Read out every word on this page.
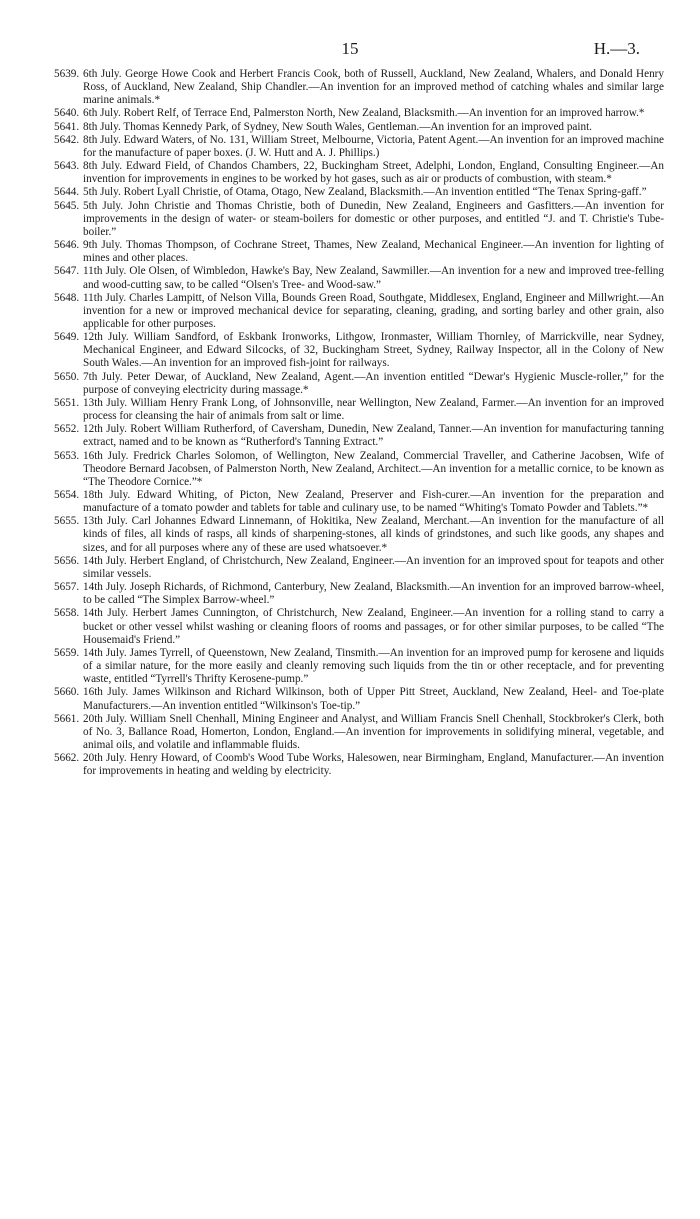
15	H.—3.
5639. 6th July. George Howe Cook and Herbert Francis Cook, both of Russell, Auckland, New Zealand, Whalers, and Donald Henry Ross, of Auckland, New Zealand, Ship Chandler.—An invention for an improved method of catching whales and similar large marine animals.*
5640. 6th July. Robert Relf, of Terrace End, Palmerston North, New Zealand, Blacksmith.—An invention for an improved harrow.*
5641. 8th July. Thomas Kennedy Park, of Sydney, New South Wales, Gentleman.—An invention for an improved paint.
5642. 8th July. Edward Waters, of No. 131, William Street, Melbourne, Victoria, Patent Agent.—An invention for an improved machine for the manufacture of paper boxes. (J. W. Hutt and A. J. Phillips.)
5643. 8th July. Edward Field, of Chandos Chambers, 22, Buckingham Street, Adelphi, London, England, Consulting Engineer.—An invention for improvements in engines to be worked by hot gases, such as air or products of combustion, with steam.*
5644. 5th July. Robert Lyall Christie, of Otama, Otago, New Zealand, Blacksmith.—An invention entitled “The Tenax Spring-gaff.”
5645. 5th July. John Christie and Thomas Christie, both of Dunedin, New Zealand, Engineers and Gasfitters.—An invention for improvements in the design of water- or steam-boilers for domestic or other purposes, and entitled “J. and T. Christie's Tube-boiler.”
5646. 9th July. Thomas Thompson, of Cochrane Street, Thames, New Zealand, Mechanical Engineer.—An invention for lighting of mines and other places.
5647. 11th July. Ole Olsen, of Wimbledon, Hawke's Bay, New Zealand, Sawmiller.—An invention for a new and improved tree-felling and wood-cutting saw, to be called “Olsen's Tree- and Wood-saw.”
5648. 11th July. Charles Lampitt, of Nelson Villa, Bounds Green Road, Southgate, Middlesex, England, Engineer and Millwright.—An invention for a new or improved mechanical device for separating, cleaning, grading, and sorting barley and other grain, also applicable for other purposes.
5649. 12th July. William Sandford, of Eskbank Ironworks, Lithgow, Ironmaster, William Thornley, of Marrickville, near Sydney, Mechanical Engineer, and Edward Silcocks, of 32, Buckingham Street, Sydney, Railway Inspector, all in the Colony of New South Wales.—An invention for an improved fish-joint for railways.
5650. 7th July. Peter Dewar, of Auckland, New Zealand, Agent.—An invention entitled “Dewar's Hygienic Muscle-roller,” for the purpose of conveying electricity during massage.*
5651. 13th July. William Henry Frank Long, of Johnsonville, near Wellington, New Zealand, Farmer.—An invention for an improved process for cleansing the hair of animals from salt or lime.
5652. 12th July. Robert William Rutherford, of Caversham, Dunedin, New Zealand, Tanner.—An invention for manufacturing tanning extract, named and to be known as “Rutherford's Tanning Extract.”
5653. 16th July. Fredrick Charles Solomon, of Wellington, New Zealand, Commercial Traveller, and Catherine Jacobsen, Wife of Theodore Bernard Jacobsen, of Palmerston North, New Zealand, Architect.—An invention for a metallic cornice, to be known as “The Theodore Cornice.”*
5654. 18th July. Edward Whiting, of Picton, New Zealand, Preserver and Fish-curer.—An invention for the preparation and manufacture of a tomato powder and tablets for table and culinary use, to be named “Whiting's Tomato Powder and Tablets.”*
5655. 13th July. Carl Johannes Edward Linnemann, of Hokitika, New Zealand, Merchant.—An invention for the manufacture of all kinds of files, all kinds of rasps, all kinds of sharpening-stones, all kinds of grindstones, and such like goods, any shapes and sizes, and for all purposes where any of these are used whatsoever.*
5656. 14th July. Herbert England, of Christchurch, New Zealand, Engineer.—An invention for an improved spout for teapots and other similar vessels.
5657. 14th July. Joseph Richards, of Richmond, Canterbury, New Zealand, Blacksmith.—An invention for an improved barrow-wheel, to be called “The Simplex Barrow-wheel.”
5658. 14th July. Herbert James Cunnington, of Christchurch, New Zealand, Engineer.—An invention for a rolling stand to carry a bucket or other vessel whilst washing or cleaning floors of rooms and passages, or for other similar purposes, to be called “The Housemaid's Friend.”
5659. 14th July. James Tyrrell, of Queenstown, New Zealand, Tinsmith.—An invention for an improved pump for kerosene and liquids of a similar nature, for the more easily and cleanly removing such liquids from the tin or other receptacle, and for preventing waste, entitled “Tyrrell's Thrifty Kerosene-pump.”
5660. 16th July. James Wilkinson and Richard Wilkinson, both of Upper Pitt Street, Auckland, New Zealand, Heel- and Toe-plate Manufacturers.—An invention entitled “Wilkinson's Toe-tip.”
5661. 20th July. William Snell Chenhall, Mining Engineer and Analyst, and William Francis Snell Chenhall, Stockbroker's Clerk, both of No. 3, Ballance Road, Homerton, London, England.—An invention for improvements in solidifying mineral, vegetable, and animal oils, and volatile and inflammable fluids.
5662. 20th July. Henry Howard, of Coomb's Wood Tube Works, Halesowen, near Birmingham, England, Manufacturer.—An invention for improvements in heating and welding by electricity.
